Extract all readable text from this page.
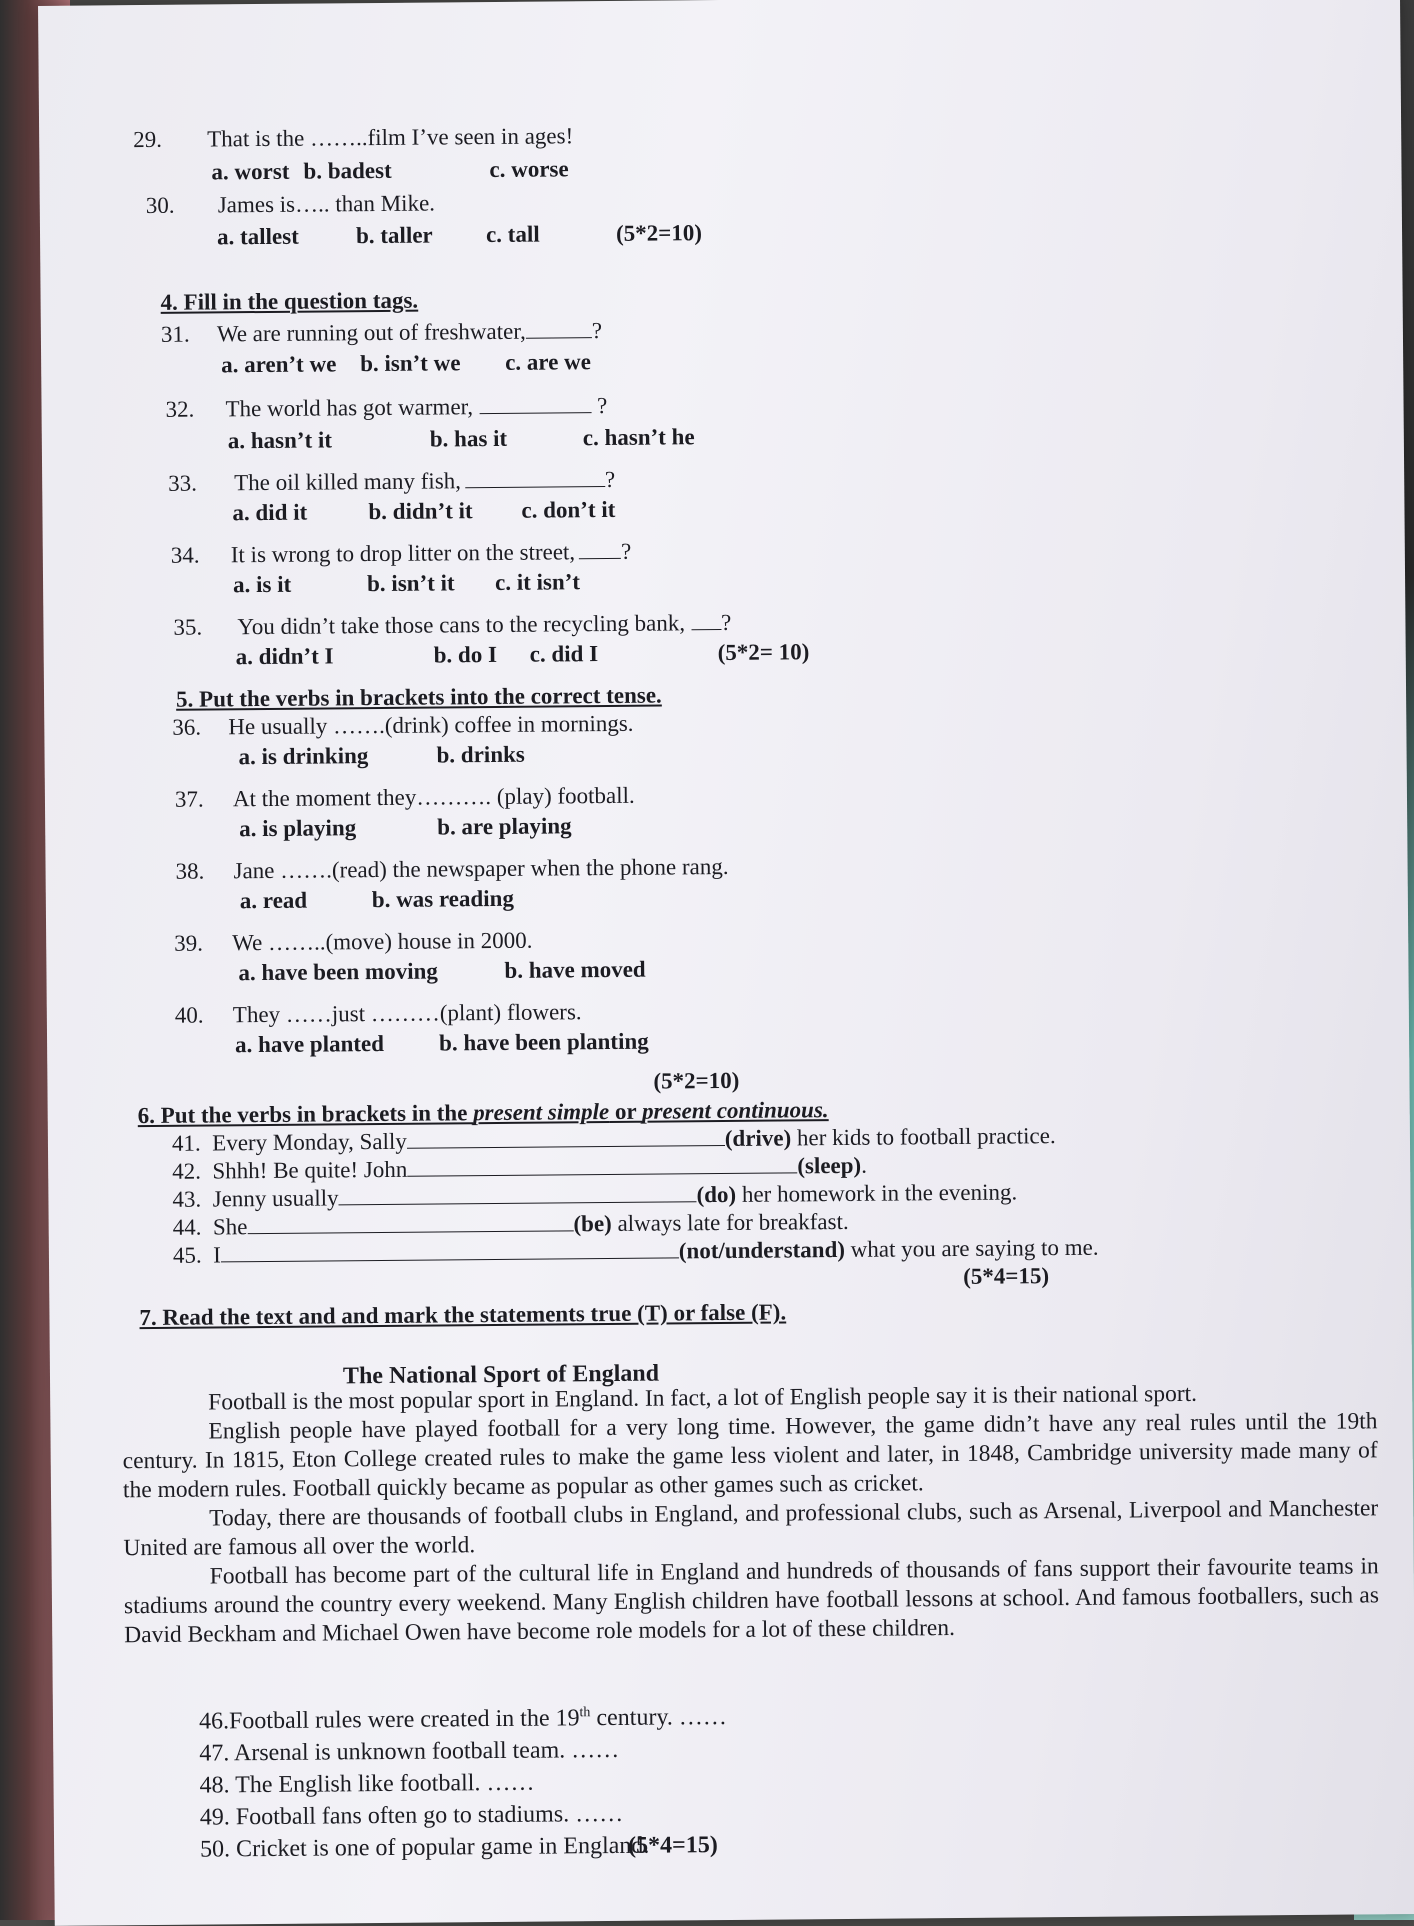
29. That is the ……..film I’ve seen in ages!
a. worst b. badest	c. worse
30. James is….. than Mike.
a. tallest b. taller c. tall	(5*2=10)
4. Fill in the question tags.
31. We are running out of freshwater,	?
a. aren’t we b. isn’t we c. are we
32. The world has got warmer,	?
a. hasn’t it	b. has it	c. hasn’t he
33. The oil killed many fish,	?
a. did it	b. didn’t it c. don’t it
34. It is wrong to drop litter on the street, ?
a. is it	b. isn’t it c. it isn’t
35. You didn’t take those cans to the recycling bank, ?
a. didn’t I	b. do I c. did I	(5*2= 10)
5. Put the verbs in brackets into the correct tense.
36. He usually …….(drink) coffee in mornings.
a. is drinking	b. drinks
37. At the moment they………. (play) football.
a. is playing	b. are playing
38. Jane …….(read) the newspaper when the phone rang.
a. read	b. was reading
39. We ……..(move) house in 2000.
a. have been moving	b. have moved
40. They ……just ………(plant) flowers.
a. have planted b. have been planting
(5*2=10)
6. Put the verbs in brackets in the present simple or present continuous.
41. Every Monday, Sally	(drive) her kids to football practice.
42. Shhh! Be quite! John	(sleep).
43. Jenny usually	(do) her homework in the evening.
44. She	(be) always late for breakfast.
45. I	(not/understand) what you are saying to me.
(5*4=15)
7. Read the text and and mark the statements true (T) or false (F).
The National Sport of England

Football is the most popular sport in England. In fact, a lot of English people say it is their national sport.

English people have played football for a very long time. However, the game didn’t have any real rules until the 19th century. In 1815, Eton College created rules to make the game less violent and later, in 1848, Cambridge university made many of the modern rules. Football quickly became as popular as other games such as cricket.

Today, there are thousands of football clubs in England, and professional clubs, such as Arsenal, Liverpool and Manchester United are famous all over the world.

Football has become part of the cultural life in England and hundreds of thousands of fans support their favourite teams in stadiums around the country every weekend. Many English children have football lessons at school. And famous footballers, such as David Beckham and Michael Owen have become role models for a lot of these children.

46.Football rules were created in the 19th century. ……
47. Arsenal is unknown football team. ……
48. The English like football. ……
49. Football fans often go to stadiums. ……
50. Cricket is one of popular game in England.
(5*4=15)
